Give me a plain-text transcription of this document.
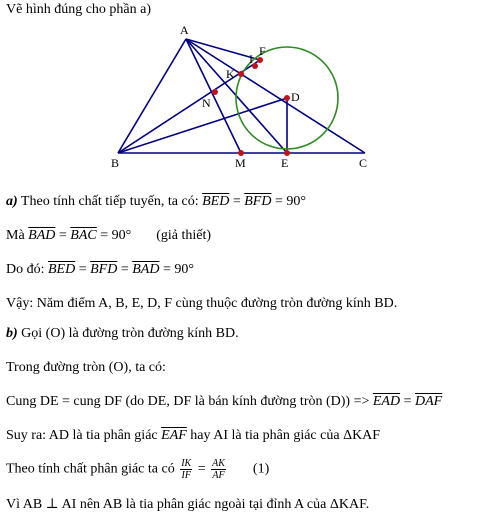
Vẽ hình đúng cho phần a)
A
B	C
D
E
F
I
K
M
N
a) Theo tính chất tiếp tuyến, ta có: $\overline{BED} = \overline{BFD} = 90^\circ$
Mà $\overline{BAD} = \overline{BAC} = 90^\circ$ (giả thiết)
Do đó: $\overline{BED} = \overline{BFD} = \overline{BAD} = 90^\circ$
Vậy: Năm điểm A, B, E, D, F cùng thuộc đường tròn đường kính BD.
b) Gọi (O) là đường tròn đường kính BD.
Trong đường tròn (O), ta có:
Cung DE = cung DF (do DE, DF là bán kính đường tròn $(D)) => \overline{EAD} = \overline{DAF}$
Suy ra: AD là tia phân giác $\overline{EAF}$ hay AI là tia phân giác của ΔKAF
Theo tính chất phân giác ta có $\frac{IK}{IF} = \frac{AK}{AF} (1)$
Vì AB ⊥ AI nên AB là tia phân giác ngoài tại đỉnh A của ΔKAF.
